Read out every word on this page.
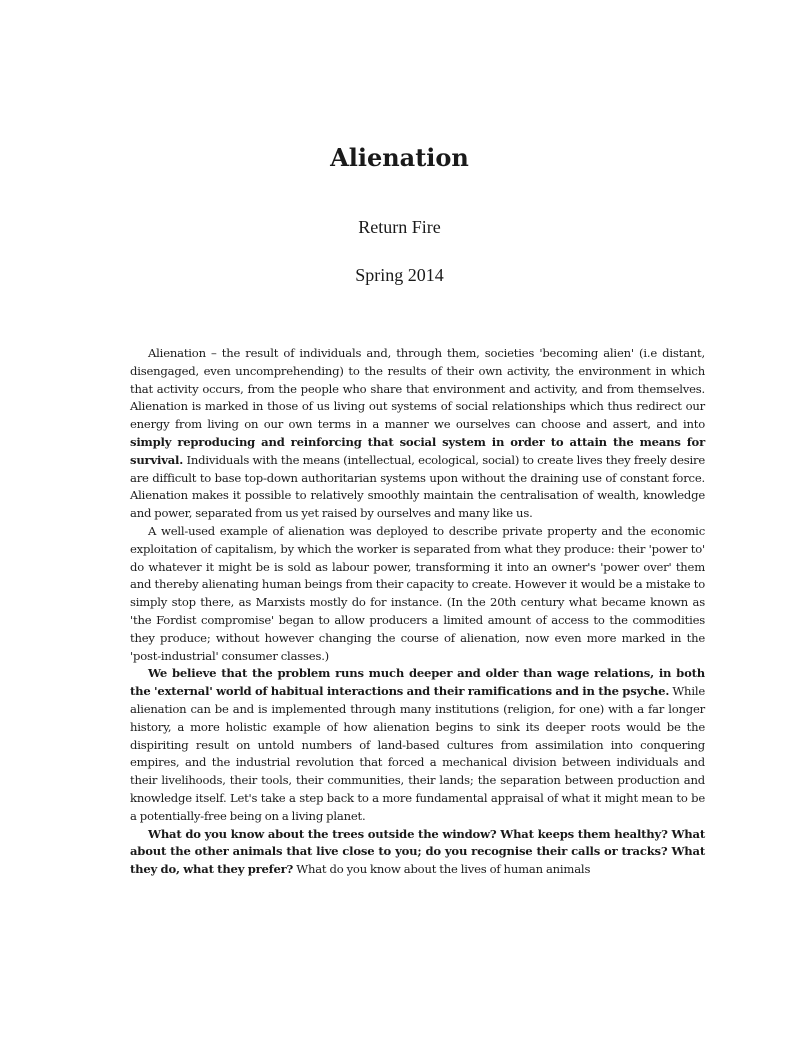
Alienation
Return Fire
Spring 2014

Alienation – the result of individuals and, through them, societies 'becoming alien' (i.e distant, disengaged, even uncomprehending) to the results of their own activity, the environment in which that activity occurs, from the people who share that environment and activity, and from themselves. Alienation is marked in those of us living out systems of social relationships which thus redirect our energy from living on our own terms in a manner we ourselves can choose and assert, and into simply reproducing and reinforcing that social system in order to attain the means for survival. Individuals with the means (intellectual, ecological, social) to create lives they freely desire are difficult to base top-down authoritarian systems upon without the draining use of constant force. Alienation makes it possible to relatively smoothly maintain the centralisation of wealth, knowledge and power, separated from us yet raised by ourselves and many like us.

A well-used example of alienation was deployed to describe private property and the economic exploitation of capitalism, by which the worker is separated from what they produce: their 'power to' do whatever it might be is sold as labour power, transforming it into an owner's 'power over' them and thereby alienating human beings from their capacity to create. However it would be a mistake to simply stop there, as Marxists mostly do for instance. (In the 20th century what became known as 'the Fordist compromise' began to allow producers a limited amount of access to the commodities they produce; without however changing the course of alienation, now even more marked in the 'post-industrial' consumer classes.)

We believe that the problem runs much deeper and older than wage relations, in both the 'external' world of habitual interactions and their ramifications and in the psyche. While alienation can be and is implemented through many institutions (religion, for one) with a far longer history, a more holistic example of how alienation begins to sink its deeper roots would be the dispiriting result on untold numbers of land-based cultures from assimilation into conquering empires, and the industrial revolution that forced a mechanical division between individuals and their livelihoods, their tools, their communities, their lands; the separation between production and knowledge itself. Let's take a step back to a more fundamental appraisal of what it might mean to be a potentially-free being on a living planet.

What do you know about the trees outside the window? What keeps them healthy? What about the other animals that live close to you; do you recognise their calls or tracks? What they do, what they prefer? What do you know about the lives of human animals
